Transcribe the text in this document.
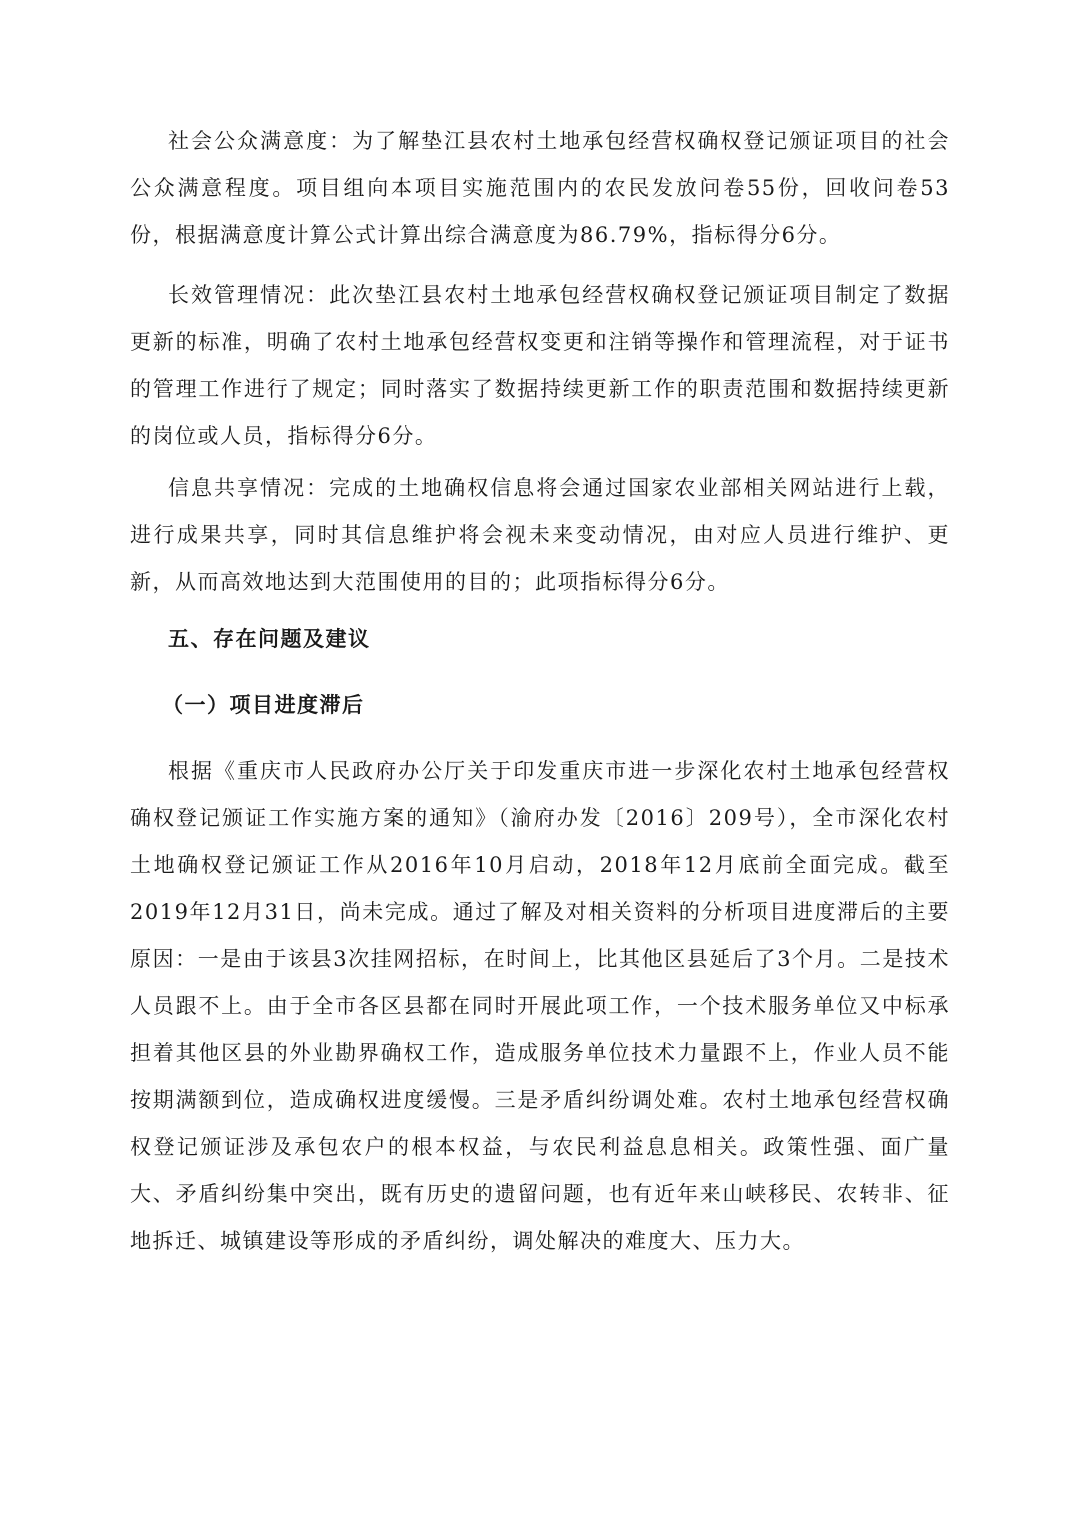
社会公众满意度：为了解垫江县农村土地承包经营权确权登记颁证项目的社会公众满意程度。项目组向本项目实施范围内的农民发放问卷55份，回收问卷53份，根据满意度计算公式计算出综合满意度为86.79%，指标得分6分。

长效管理情况：此次垫江县农村土地承包经营权确权登记颁证项目制定了数据更新的标准，明确了农村土地承包经营权变更和注销等操作和管理流程，对于证书的管理工作进行了规定；同时落实了数据持续更新工作的职责范围和数据持续更新的岗位或人员，指标得分6分。

信息共享情况：完成的土地确权信息将会通过国家农业部相关网站进行上载，进行成果共享，同时其信息维护将会视未来变动情况，由对应人员进行维护、更新，从而高效地达到大范围使用的目的；此项指标得分6分。

五、存在问题及建议
（一）项目进度滞后

根据《重庆市人民政府办公厅关于印发重庆市进一步深化农村土地承包经营权确权登记颁证工作实施方案的通知》（渝府办发〔2016〕209号），全市深化农村土地确权登记颁证工作从2016年10月启动，2018年12月底前全面完成。截至2019年12月31日，尚未完成。通过了解及对相关资料的分析项目进度滞后的主要原因：一是由于该县3次挂网招标，在时间上，比其他区县延后了3个月。二是技术人员跟不上。由于全市各区县都在同时开展此项工作，一个技术服务单位又中标承担着其他区县的外业勘界确权工作，造成服务单位技术力量跟不上，作业人员不能按期满额到位，造成确权进度缓慢。三是矛盾纠纷调处难。农村土地承包经营权确权登记颁证涉及承包农户的根本权益，与农民利益息息相关。政策性强、面广量大、矛盾纠纷集中突出，既有历史的遗留问题，也有近年来山峡移民、农转非、征地拆迁、城镇建设等形成的矛盾纠纷，调处解决的难度大、压力大。
